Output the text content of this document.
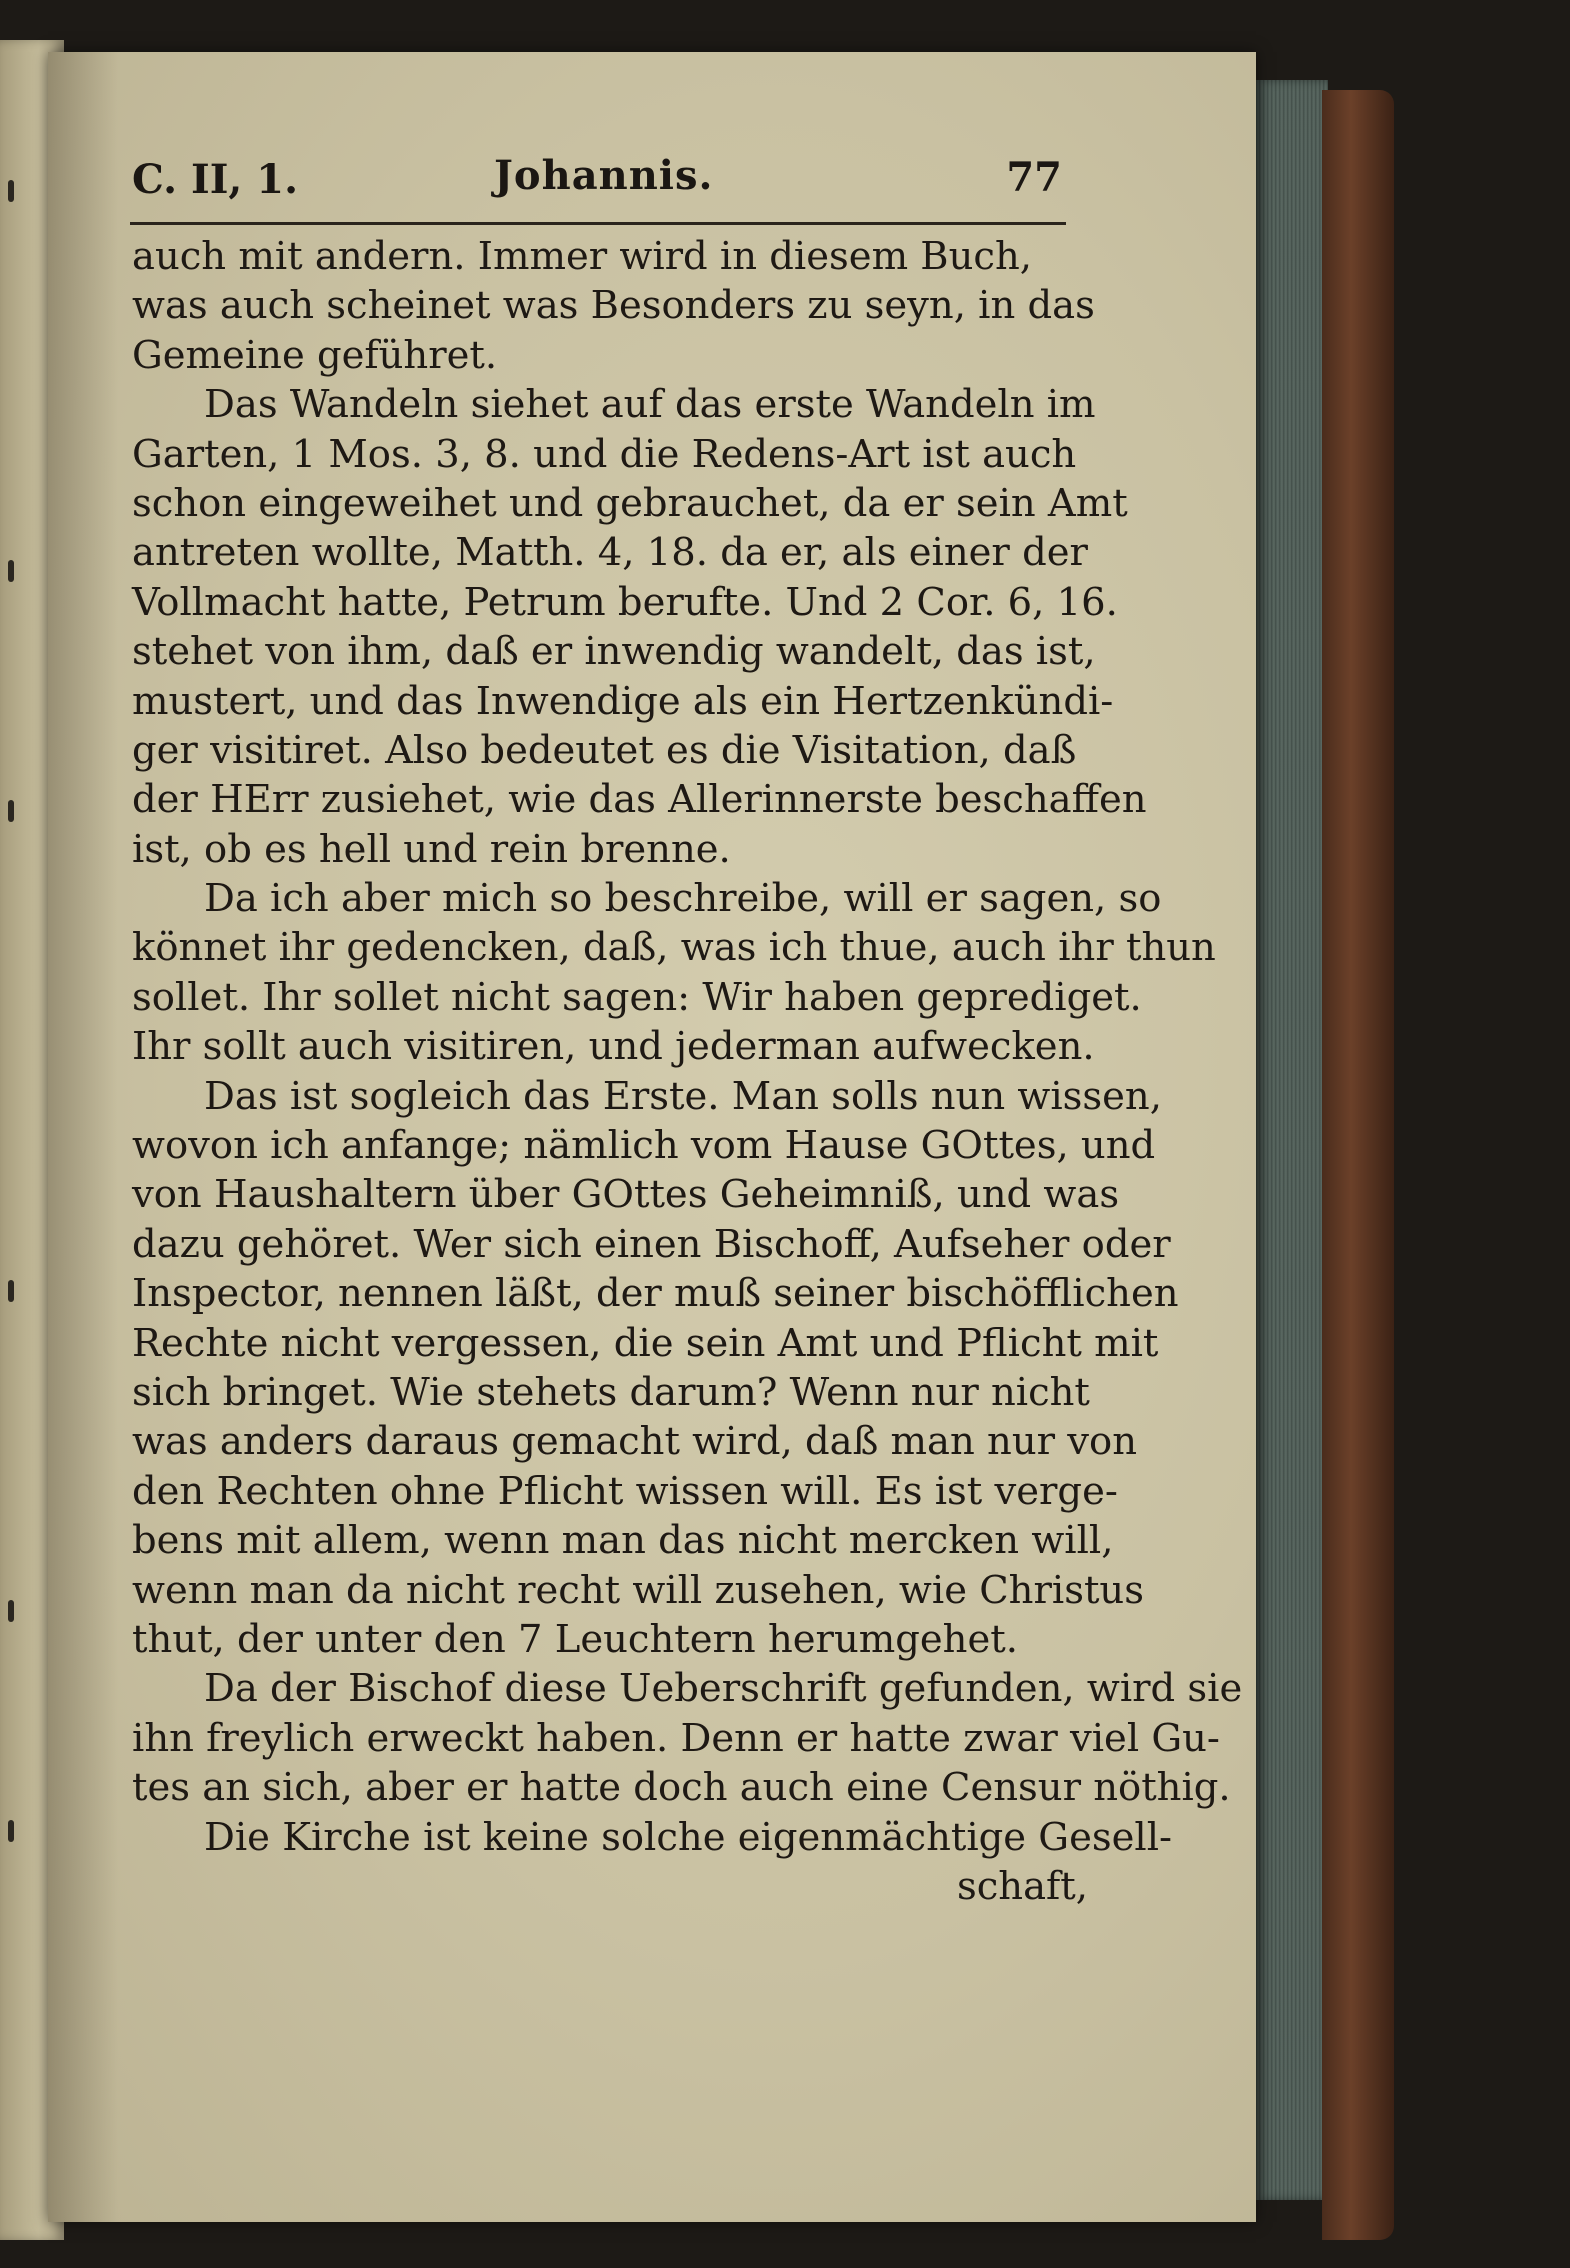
C. II, 1.	Johannis.	77
auch mit andern. Immer wird in diesem Buch,
was auch scheinet was Besonders zu seyn, in das
Gemeine geführet.
Das Wandeln siehet auf das erste Wandeln im
Garten, 1 Mos. 3, 8. und die Redens-Art ist auch
schon eingeweihet und gebrauchet, da er sein Amt
antreten wollte, Matth. 4, 18. da er, als einer der
Vollmacht hatte, Petrum berufte. Und 2 Cor. 6, 16.
stehet von ihm, daß er inwendig wandelt, das ist,
mustert, und das Inwendige als ein Hertzenkündi-
ger visitiret. Also bedeutet es die Visitation, daß
der HErr zusiehet, wie das Allerinnerste beschaffen
ist, ob es hell und rein brenne.
Da ich aber mich so beschreibe, will er sagen, so
könnet ihr gedencken, daß, was ich thue, auch ihr thun
sollet. Ihr sollet nicht sagen: Wir haben geprediget.
Ihr sollt auch visitiren, und jederman aufwecken.
Das ist sogleich das Erste. Man solls nun wissen,
wovon ich anfange; nämlich vom Hause GOttes, und
von Haushaltern über GOttes Geheimniß, und was
dazu gehöret. Wer sich einen Bischoff, Aufseher oder
Inspector, nennen läßt, der muß seiner bischöfflichen
Rechte nicht vergessen, die sein Amt und Pflicht mit
sich bringet. Wie stehets darum? Wenn nur nicht
was anders daraus gemacht wird, daß man nur von
den Rechten ohne Pflicht wissen will. Es ist verge-
bens mit allem, wenn man das nicht mercken will,
wenn man da nicht recht will zusehen, wie Christus
thut, der unter den 7 Leuchtern herumgehet.
Da der Bischof diese Ueberschrift gefunden, wird sie
ihn freylich erweckt haben. Denn er hatte zwar viel Gu-
tes an sich, aber er hatte doch auch eine Censur nöthig.
Die Kirche ist keine solche eigenmächtige Gesell-
schaft,
